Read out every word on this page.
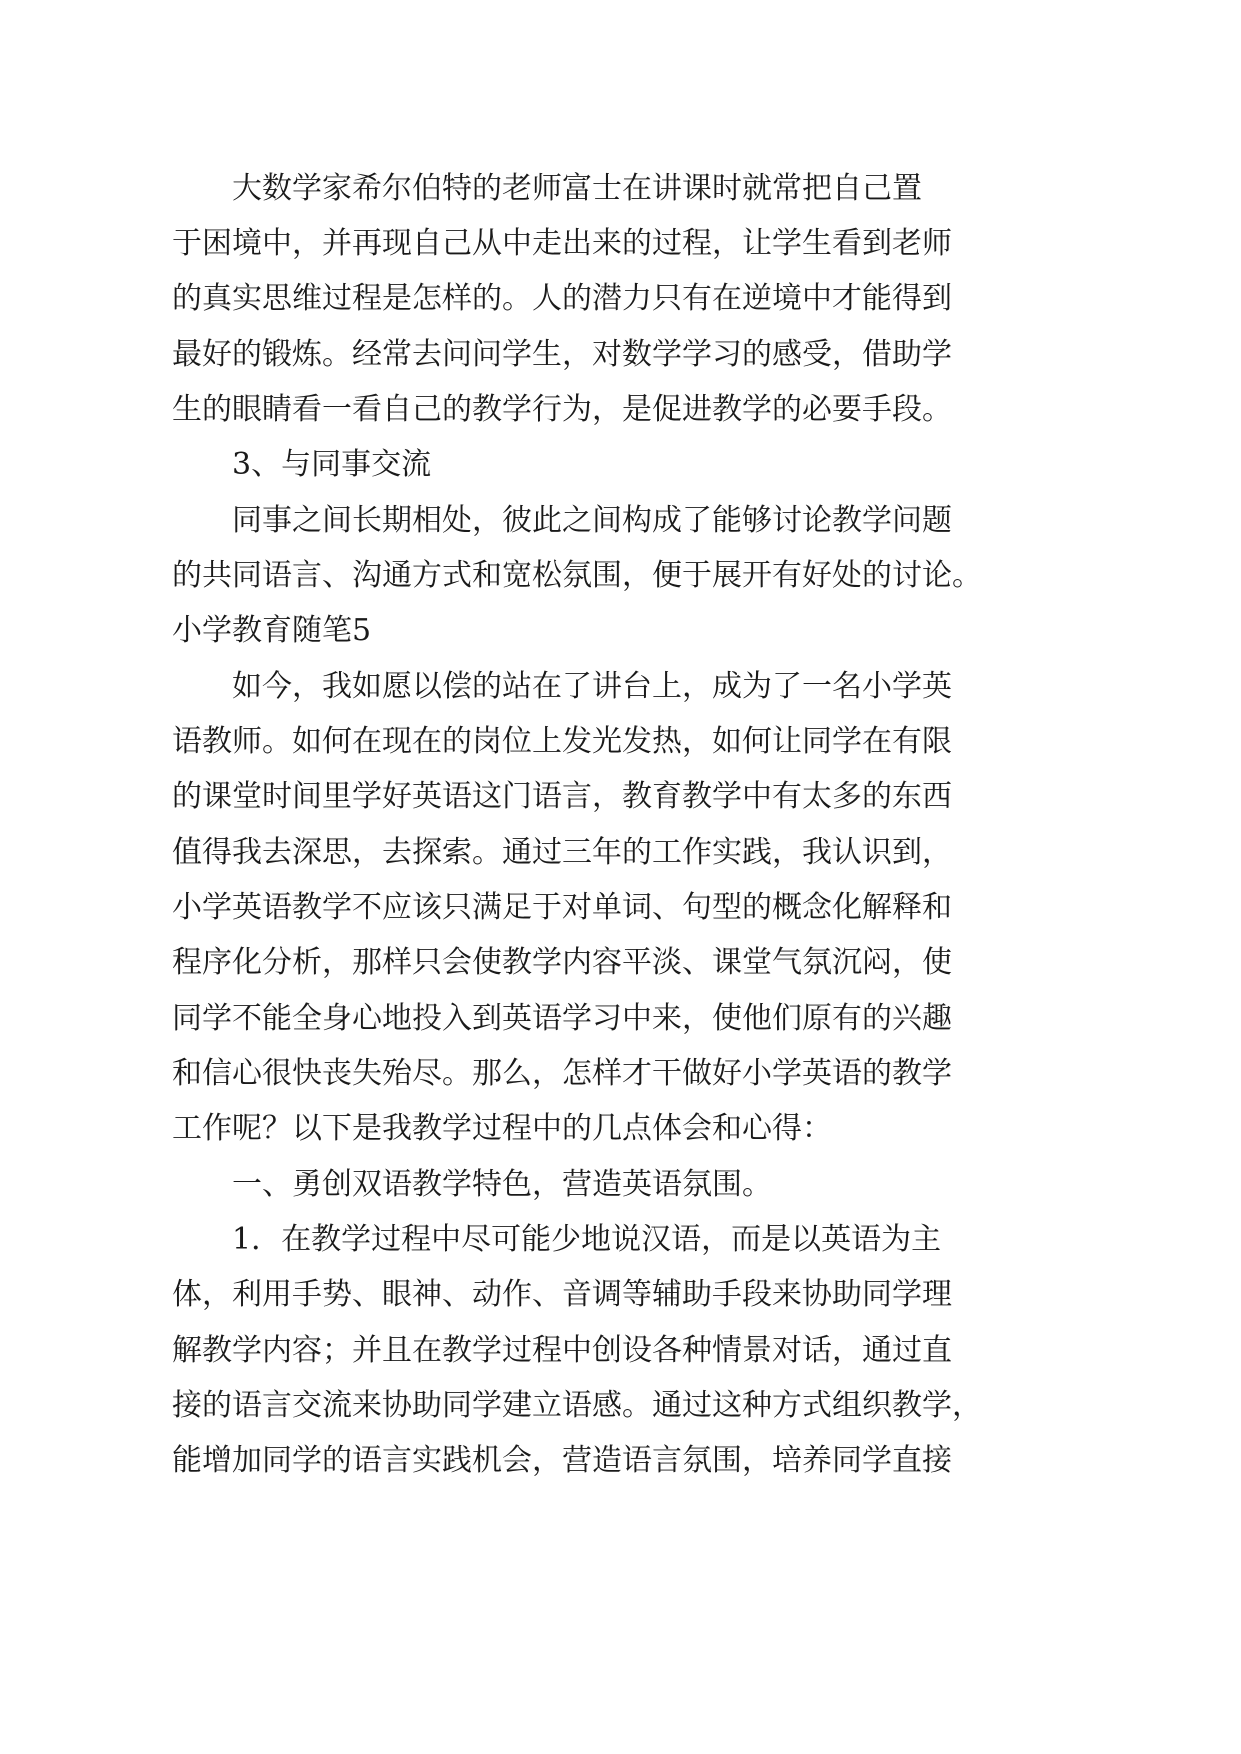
大数学家希尔伯特的老师富士在讲课时就常把自己置
于困境中，并再现自己从中走出来的过程，让学生看到老师
的真实思维过程是怎样的。人的潜力只有在逆境中才能得到
最好的锻炼。经常去问问学生，对数学学习的感受，借助学
生的眼睛看一看自己的教学行为，是促进教学的必要手段。
3、与同事交流
同事之间长期相处，彼此之间构成了能够讨论教学问题
的共同语言、沟通方式和宽松氛围，便于展开有好处的讨论。
小学教育随笔5
如今，我如愿以偿的站在了讲台上，成为了一名小学英
语教师。如何在现在的岗位上发光发热，如何让同学在有限
的课堂时间里学好英语这门语言，教育教学中有太多的东西
值得我去深思，去探索。通过三年的工作实践，我认识到，
小学英语教学不应该只满足于对单词、句型的概念化解释和
程序化分析，那样只会使教学内容平淡、课堂气氛沉闷，使
同学不能全身心地投入到英语学习中来，使他们原有的兴趣
和信心很快丧失殆尽。那么，怎样才干做好小学英语的教学
工作呢？以下是我教学过程中的几点体会和心得：
一、勇创双语教学特色，营造英语氛围。
1．在教学过程中尽可能少地说汉语，而是以英语为主
体，利用手势、眼神、动作、音调等辅助手段来协助同学理
解教学内容；并且在教学过程中创设各种情景对话，通过直
接的语言交流来协助同学建立语感。通过这种方式组织教学，
能增加同学的语言实践机会，营造语言氛围，培养同学直接
